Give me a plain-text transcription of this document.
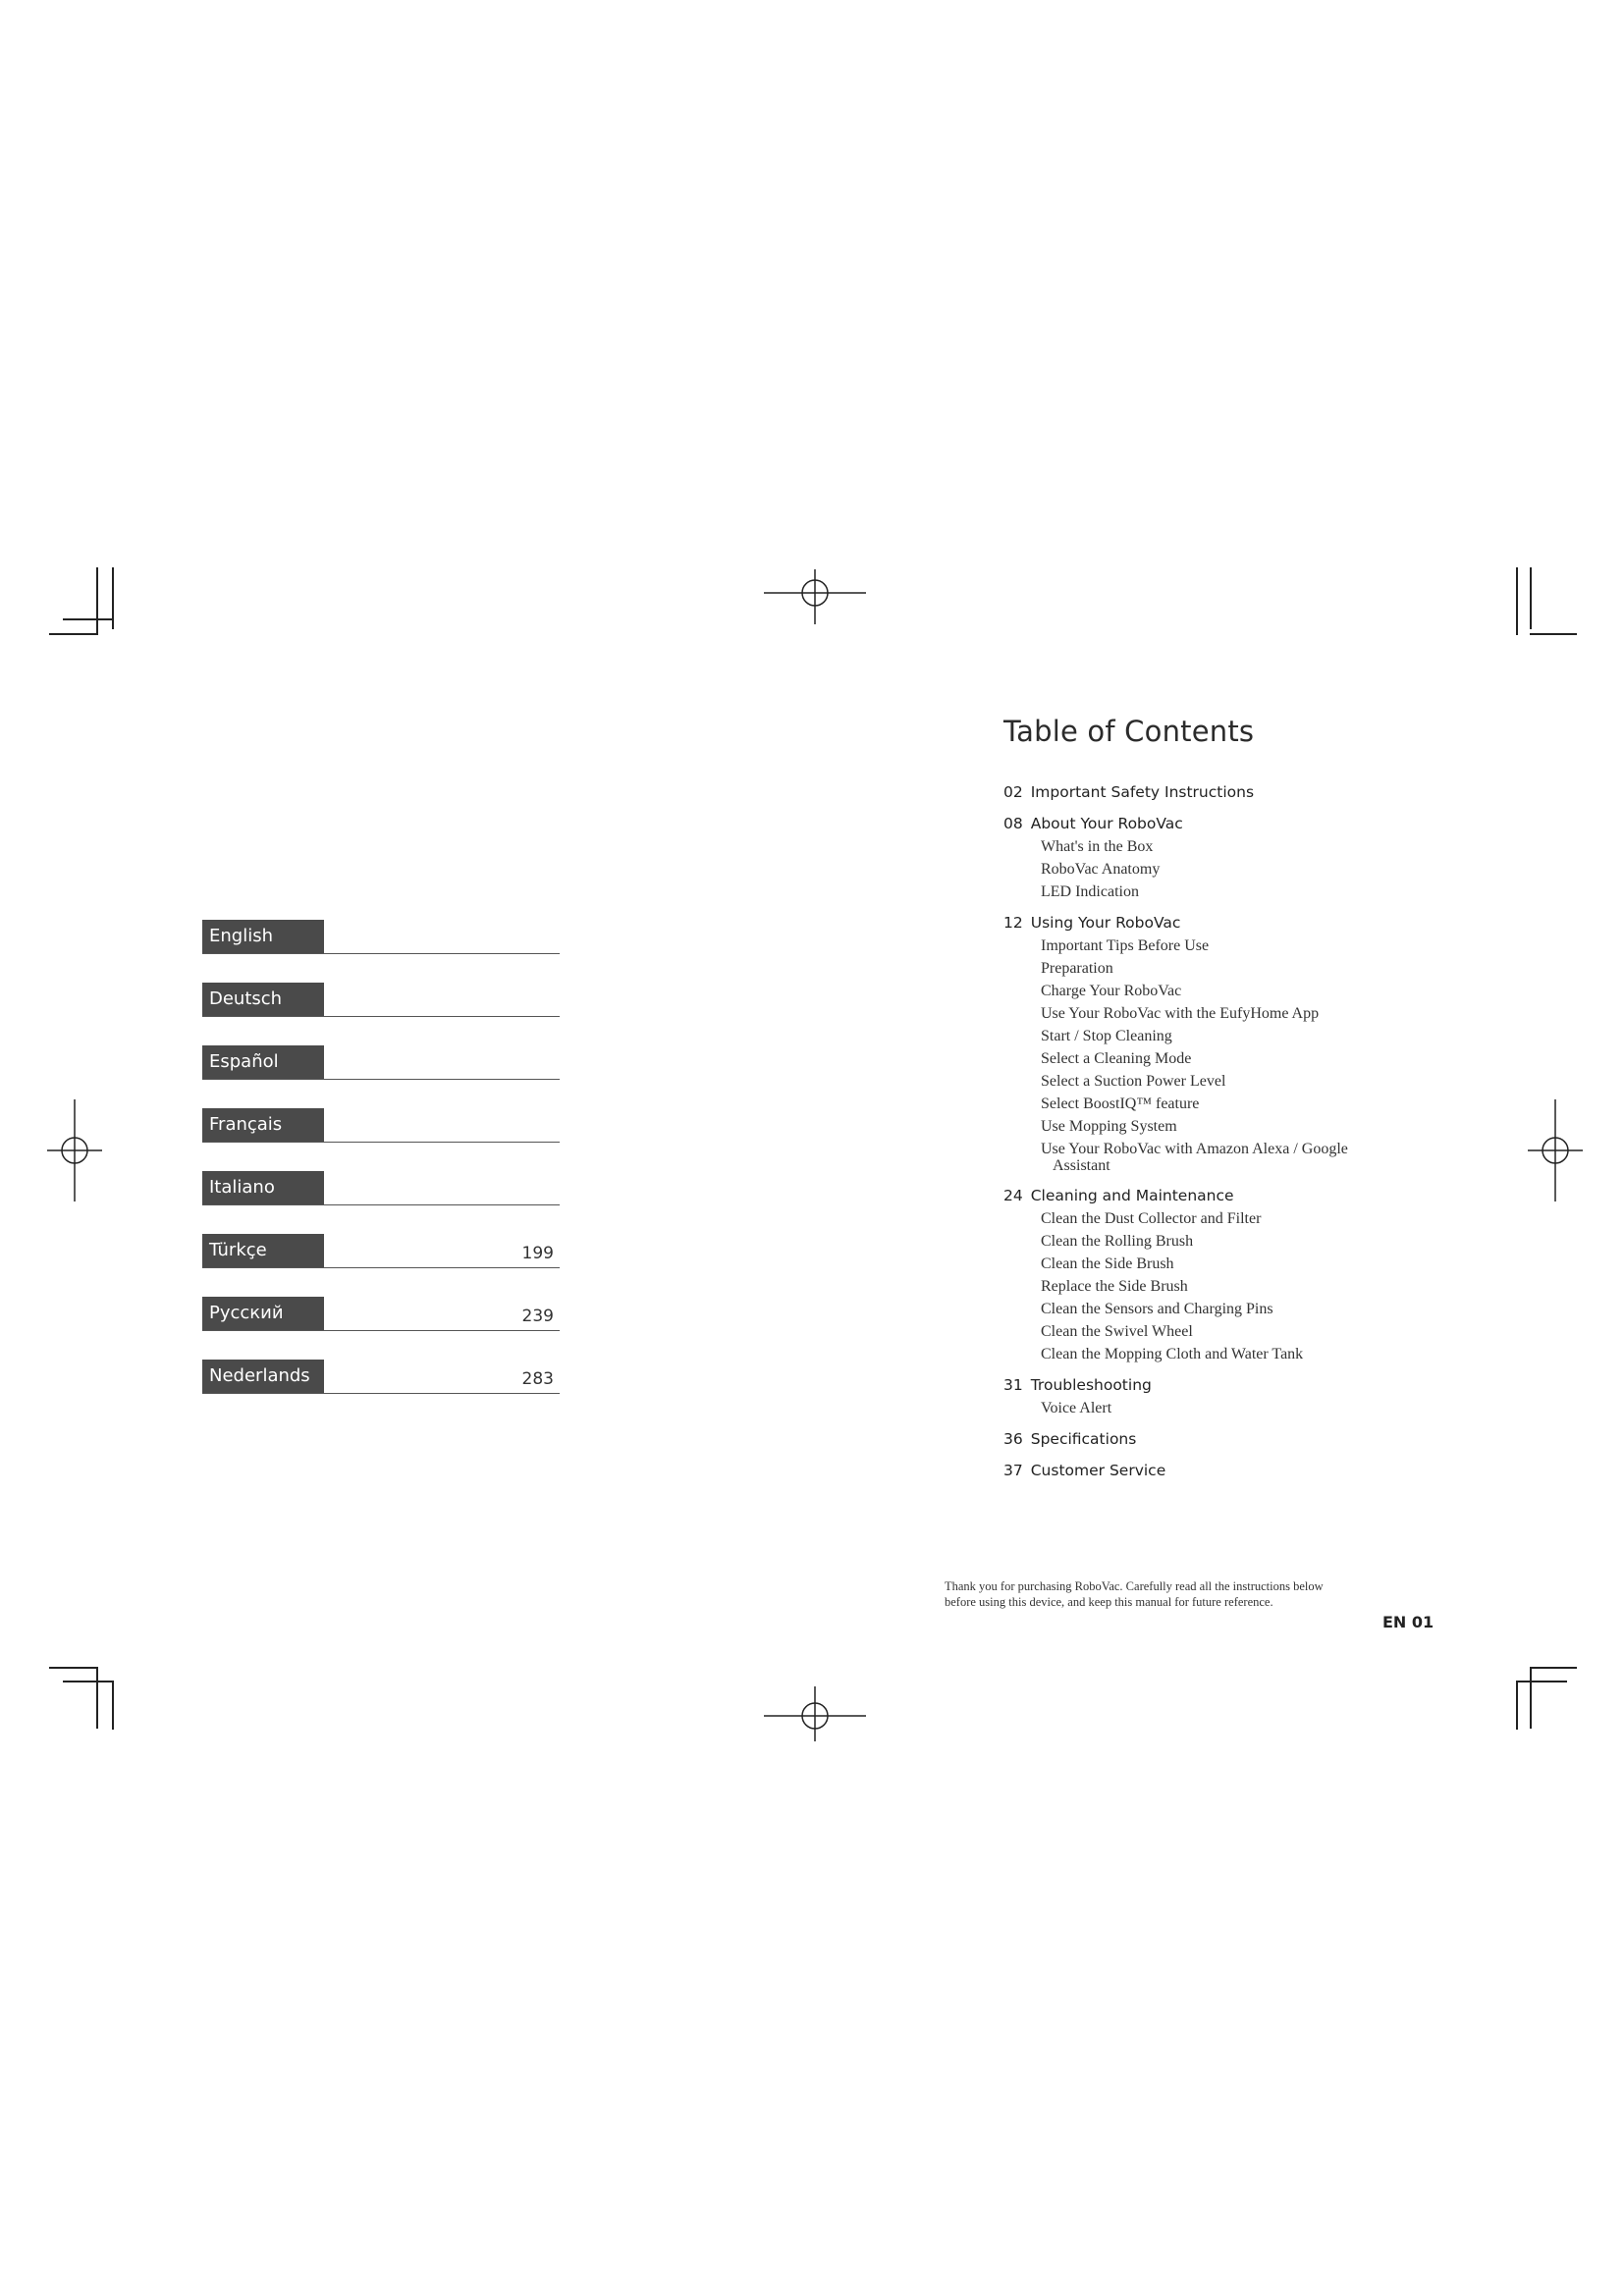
English
Deutsch
Español
Français
Italiano
Türkçe	199
Русский	239
Nederlands	283
Table of Contents
02 Important Safety Instructions
08 About Your RoboVac
What's in the Box
RoboVac Anatomy
LED Indication
12 Using Your RoboVac
Important Tips Before Use
Preparation
Charge Your RoboVac
Use Your RoboVac with the EufyHome App
Start / Stop Cleaning
Select a Cleaning Mode
Select a Suction Power Level
Select BoostIQ™ feature
Use Mopping System
Use Your RoboVac with Amazon Alexa / Google
Assistant
24 Cleaning and Maintenance
Clean the Dust Collector and Filter
Clean the Rolling Brush
Clean the Side Brush
Replace the Side Brush
Clean the Sensors and Charging Pins
Clean the Swivel Wheel
Clean the Mopping Cloth and Water Tank
31 Troubleshooting
Voice Alert
36 Specifications
37 Customer Service
Thank you for purchasing RoboVac. Carefully read all the instructions below
before using this device, and keep this manual for future reference.
EN 01
